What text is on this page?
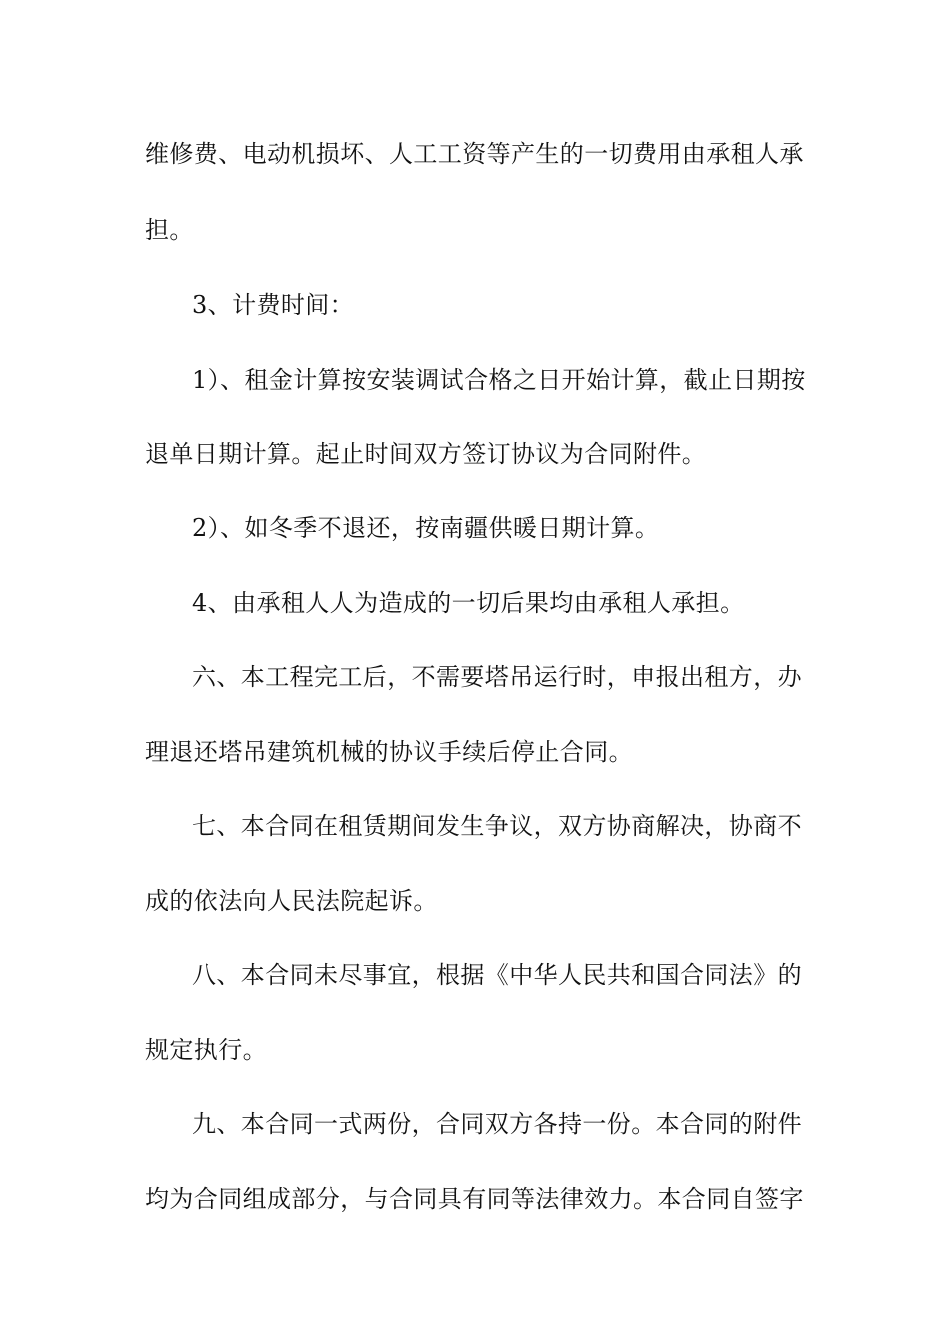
维修费、电动机损坏、人工工资等产生的一切费用由承租人承
担。
3、计费时间：
1）、租金计算按安装调试合格之日开始计算，截止日期按
退单日期计算。起止时间双方签订协议为合同附件。
2）、如冬季不退还，按南疆供暖日期计算。
4、由承租人人为造成的一切后果均由承租人承担。
六、本工程完工后，不需要塔吊运行时，申报出租方，办
理退还塔吊建筑机械的协议手续后停止合同。
七、本合同在租赁期间发生争议，双方协商解决，协商不
成的依法向人民法院起诉。
八、本合同未尽事宜，根据《中华人民共和国合同法》的
规定执行。
九、本合同一式两份，合同双方各持一份。本合同的附件
均为合同组成部分，与合同具有同等法律效力。本合同自签字
